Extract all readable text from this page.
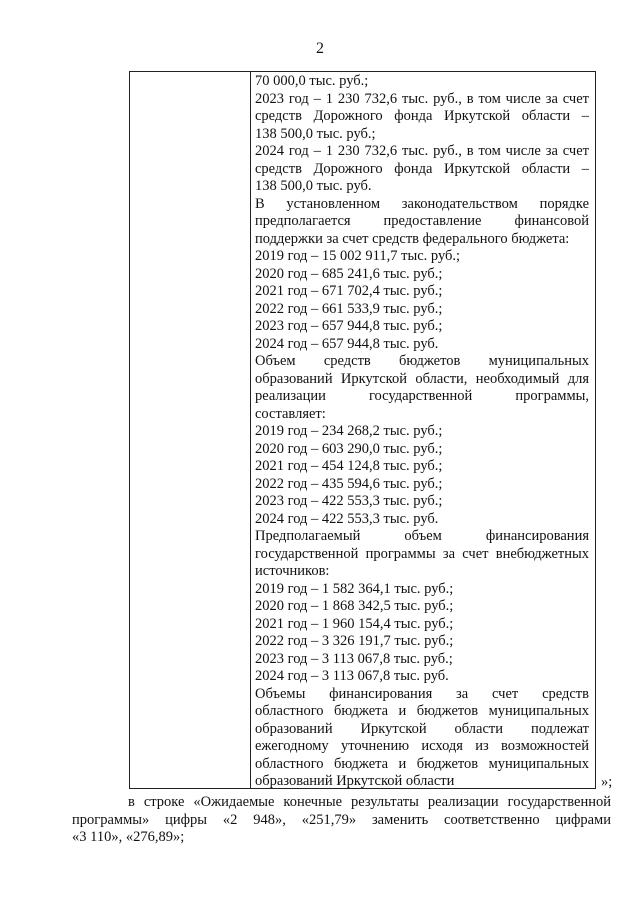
2
70 000,0 тыс. руб.;
2023 год – 1 230 732,6 тыс. руб., в том числе за счет
средств Дорожного фонда Иркутской области –
138 500,0 тыс. руб.;
2024 год – 1 230 732,6 тыс. руб., в том числе за счет
средств Дорожного фонда Иркутской области –
138 500,0 тыс. руб.
В установленном законодательством порядке
предполагается предоставление финансовой
поддержки за счет средств федерального бюджета:
2019 год – 15 002 911,7 тыс. руб.;
2020 год – 685 241,6 тыс. руб.;
2021 год – 671 702,4 тыс. руб.;
2022 год – 661 533,9 тыс. руб.;
2023 год – 657 944,8 тыс. руб.;
2024 год – 657 944,8 тыс. руб.
Объем средств бюджетов муниципальных
образований Иркутской области, необходимый для
реализации государственной программы,
составляет:
2019 год – 234 268,2 тыс. руб.;
2020 год – 603 290,0 тыс. руб.;
2021 год – 454 124,8 тыс. руб.;
2022 год – 435 594,6 тыс. руб.;
2023 год – 422 553,3 тыс. руб.;
2024 год – 422 553,3 тыс. руб.
Предполагаемый объем финансирования
государственной программы за счет внебюджетных
источников:
2019 год – 1 582 364,1 тыс. руб.;
2020 год – 1 868 342,5 тыс. руб.;
2021 год – 1 960 154,4 тыс. руб.;
2022 год – 3 326 191,7 тыс. руб.;
2023 год – 3 113 067,8 тыс. руб.;
2024 год – 3 113 067,8 тыс. руб.
Объемы финансирования за счет средств
областного бюджета и бюджетов муниципальных
образований Иркутской области подлежат
ежегодному уточнению исходя из возможностей
областного бюджета и бюджетов муниципальных
образований Иркутской области	»;
в строке «Ожидаемые конечные результаты реализации государственной
программы» цифры «2 948», «251,79» заменить соответственно цифрами
«3 110», «276,89»;
